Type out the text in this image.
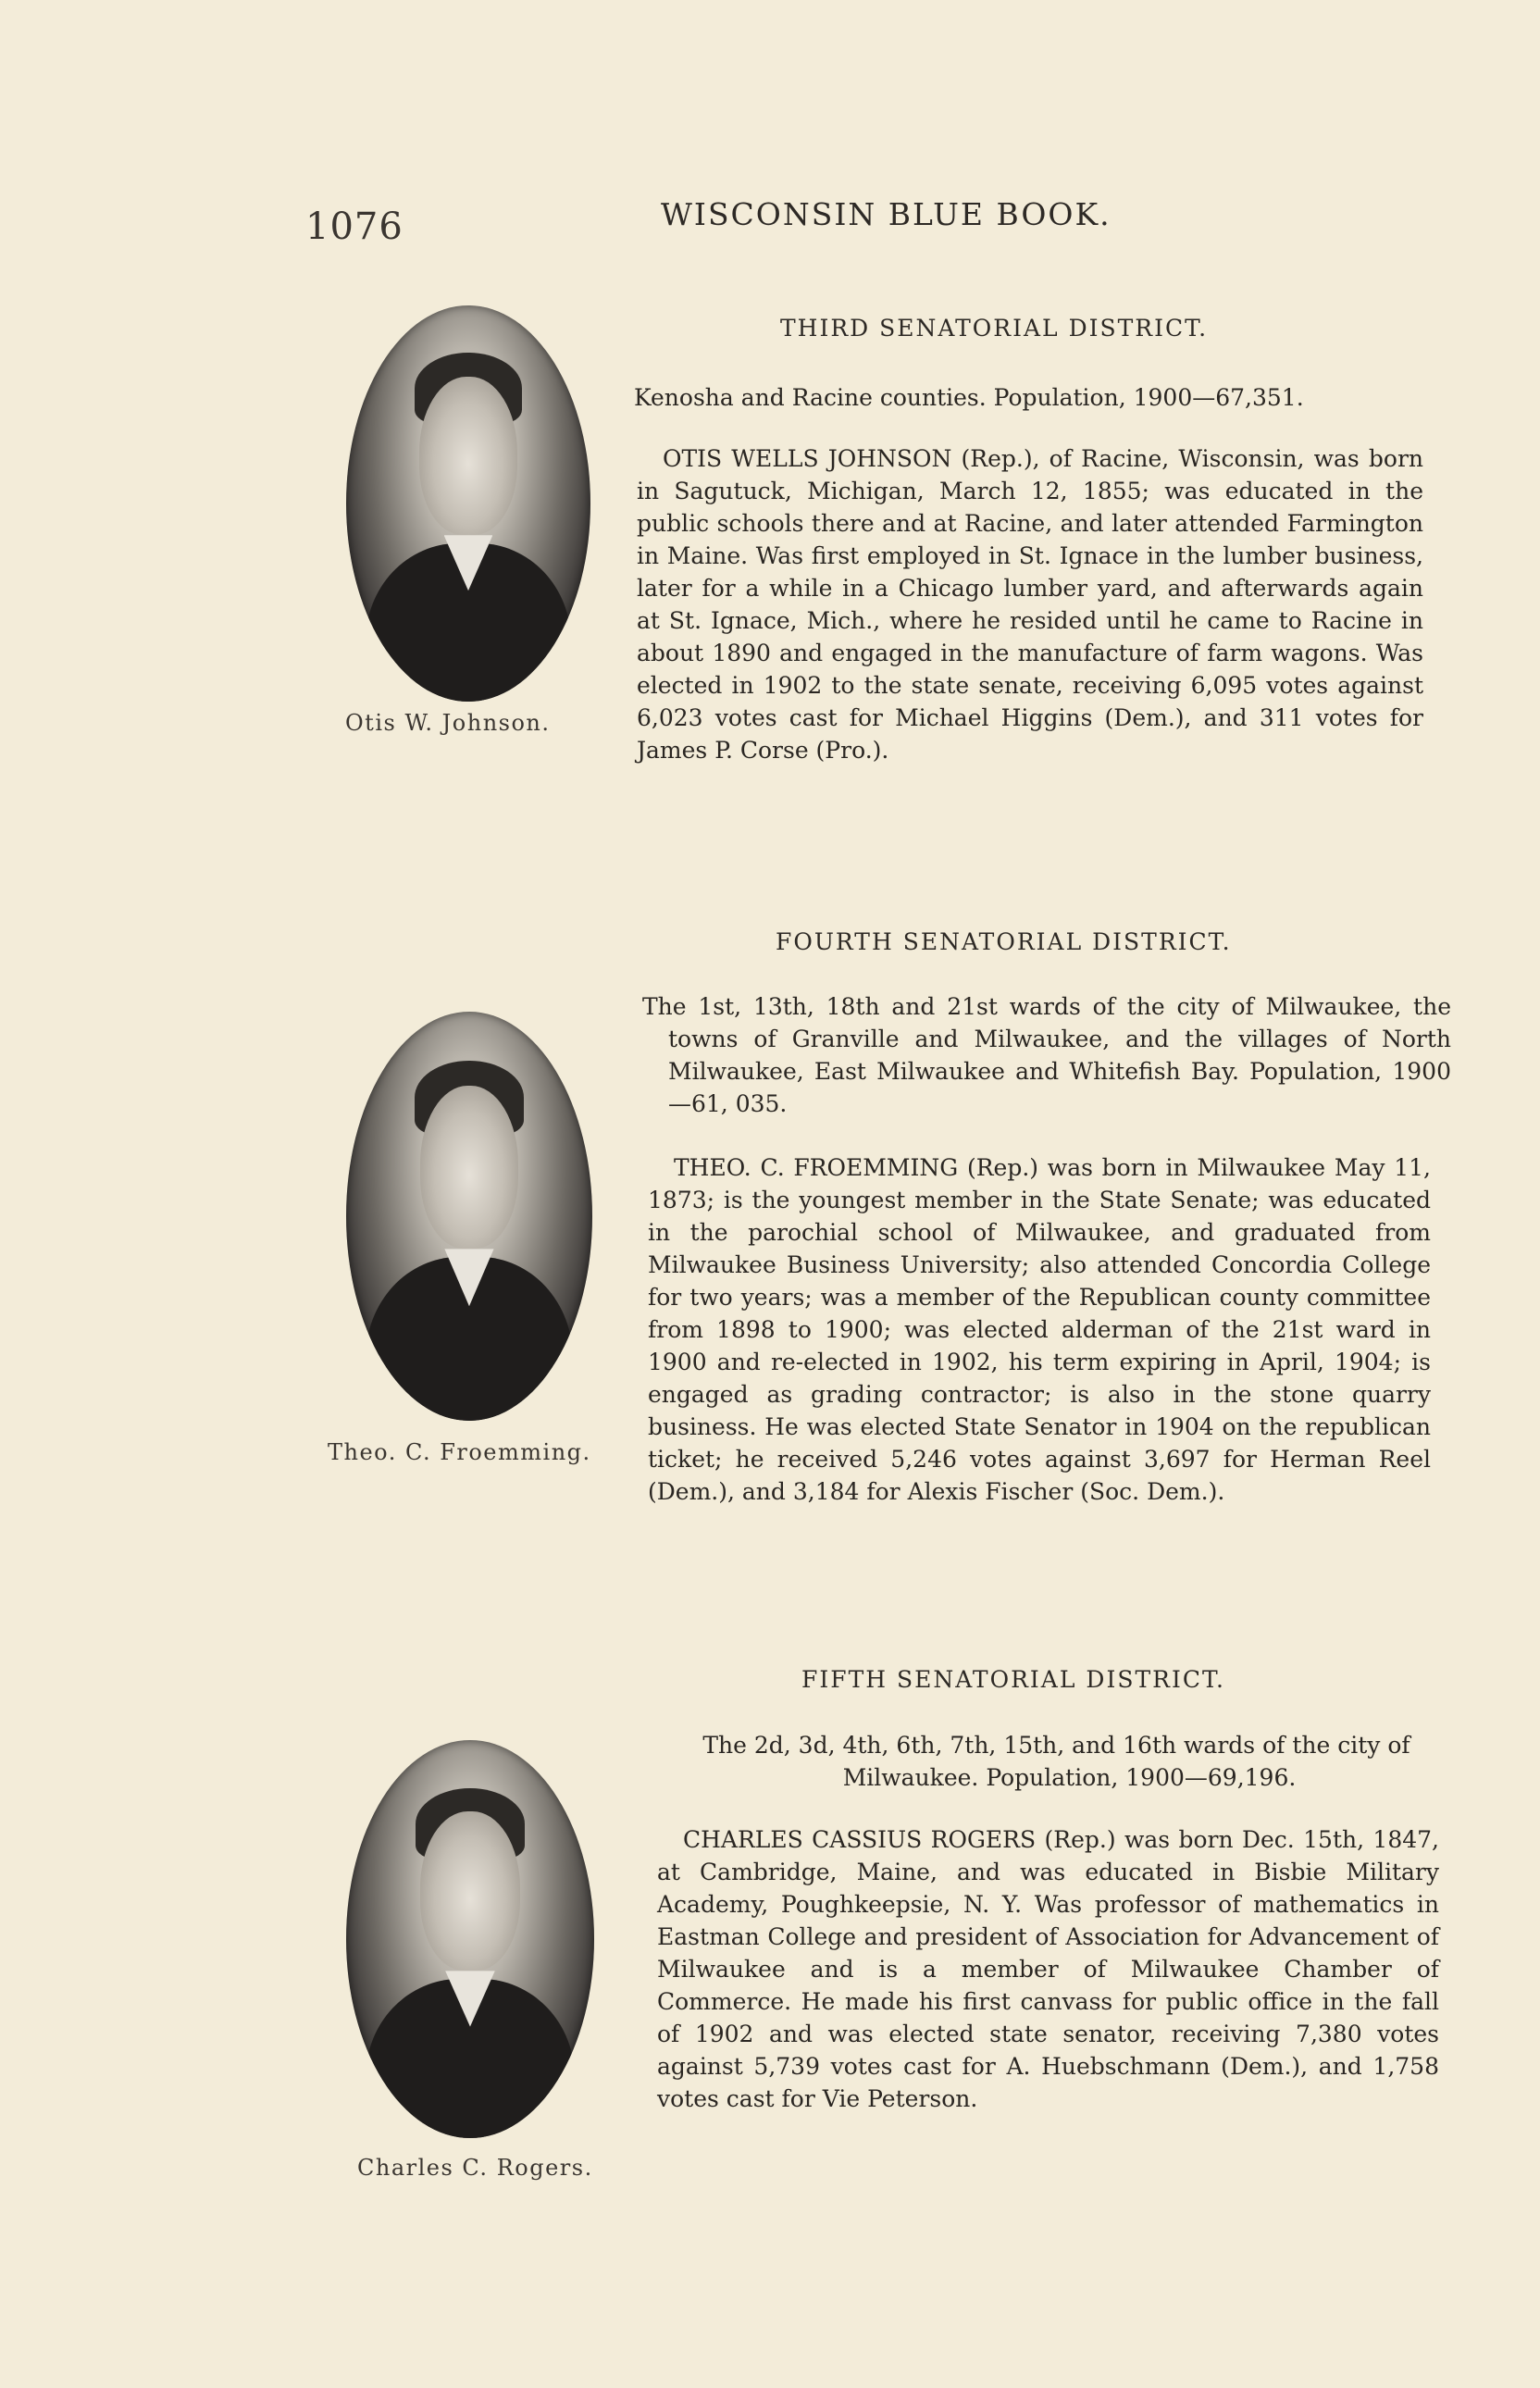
1076	WISCONSIN BLUE BOOK.
Otis W. Johnson.
THIRD SENATORIAL DISTRICT.
Kenosha and Racine counties. Population, 1900—67,351.
OTIS WELLS JOHNSON (Rep.), of Racine, Wisconsin, was born in Sagutuck, Michigan, March 12, 1855; was educated in the public schools there and at Racine, and later attended Farmington in Maine. Was first employed in St. Ignace in the lumber business, later for a while in a Chicago lumber yard, and afterwards again at St. Ignace, Mich., where he resided until he came to Racine in about 1890 and engaged in the manufacture of farm wagons. Was elected in 1902 to the state senate, receiving 6,095 votes against 6,023 votes cast for Michael Higgins (Dem.), and 311 votes for James P. Corse (Pro.).
Theo. C. Froemming.
FOURTH SENATORIAL DISTRICT.
The 1st, 13th, 18th and 21st wards of the city of Milwaukee, the towns of Granville and Milwaukee, and the villages of North Milwaukee, East Milwaukee and Whitefish Bay. Population, 1900—61, 035.
THEO. C. FROEMMING (Rep.) was born in Milwaukee May 11, 1873; is the youngest member in the State Senate; was educated in the parochial school of Milwaukee, and graduated from Milwaukee Business University; also attended Concordia College for two years; was a member of the Republican county committee from 1898 to 1900; was elected alderman of the 21st ward in 1900 and re-elected in 1902, his term expiring in April, 1904; is engaged as grading contractor; is also in the stone quarry business. He was elected State Senator in 1904 on the republican ticket; he received 5,246 votes against 3,697 for Herman Reel (Dem.), and 3,184 for Alexis Fischer (Soc. Dem.).
Charles C. Rogers.
FIFTH SENATORIAL DISTRICT.
The 2d, 3d, 4th, 6th, 7th, 15th, and 16th wards of the city of Milwaukee. Population, 1900—69,196.
CHARLES CASSIUS ROGERS (Rep.) was born Dec. 15th, 1847, at Cambridge, Maine, and was educated in Bisbie Military Academy, Poughkeepsie, N. Y. Was professor of mathematics in Eastman College and president of Association for Advancement of Milwaukee and is a member of Milwaukee Chamber of Commerce. He made his first canvass for public office in the fall of 1902 and was elected state senator, receiving 7,380 votes against 5,739 votes cast for A. Huebschmann (Dem.), and 1,758 votes cast for Vie Peterson.
